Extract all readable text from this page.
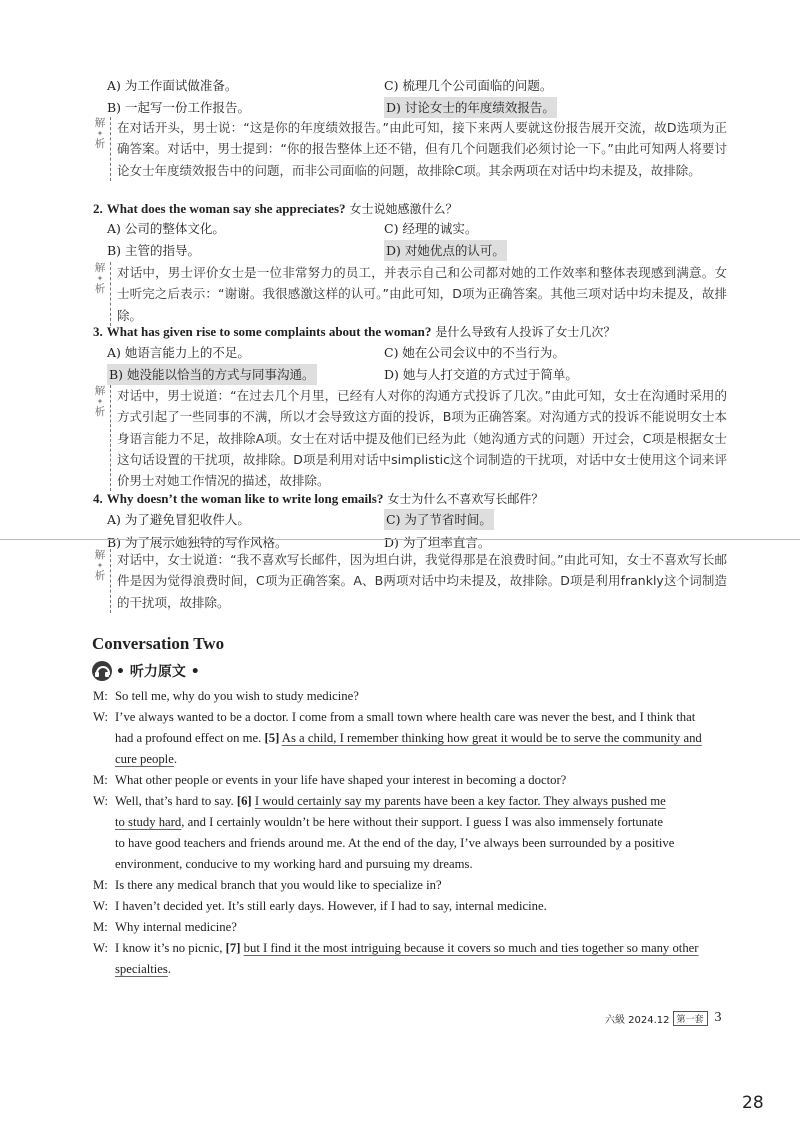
A) 为工作面试做准备。	C) 梳理几个公司面临的问题。
B) 一起写一份工作报告。	D) 讨论女士的年度绩效报告。
解
✦
析
在对话开头，男士说：“这是你的年度绩效报告。”由此可知，接下来两人要就这份报告展开交流，故D选项为正确答案。对话中，男士提到：“你的报告整体上还不错，但有几个问题我们必须讨论一下。”由此可知两人将要讨论女士年度绩效报告中的问题，而非公司面临的问题，故排除C项。其余两项在对话中均未提及，故排除。
2. What does the woman say she appreciates? 女士说她感激什么？
A) 公司的整体文化。	C) 经理的诚实。
B) 主管的指导。	D) 对她优点的认可。
解
✦
析
对话中，男士评价女士是一位非常努力的员工，并表示自己和公司都对她的工作效率和整体表现感到满意。女士听完之后表示：“谢谢。我很感激这样的认可。”由此可知，D项为正确答案。其他三项对话中均未提及，故排除。
3. What has given rise to some complaints about the woman? 是什么导致有人投诉了女士几次？
A) 她语言能力上的不足。	C) 她在公司会议中的不当行为。
B) 她没能以恰当的方式与同事沟通。	D) 她与人打交道的方式过于简单。
解
✦
析
对话中，男士说道：“在过去几个月里，已经有人对你的沟通方式投诉了几次。”由此可知，女士在沟通时采用的方式引起了一些同事的不满，所以才会导致这方面的投诉，B项为正确答案。对沟通方式的投诉不能说明女士本身语言能力不足，故排除A项。女士在对话中提及他们已经为此（她沟通方式的问题）开过会，C项是根据女士这句话设置的干扰项，故排除。D项是利用对话中simplistic这个词制造的干扰项，对话中女士使用这个词来评价男士对她工作情况的描述，故排除。
4. Why doesn’t the woman like to write long emails? 女士为什么不喜欢写长邮件？
A) 为了避免冒犯收件人。	C) 为了节省时间。
B) 为了展示她独特的写作风格。	D) 为了坦率直言。
解
✦
析
对话中，女士说道：“我不喜欢写长邮件，因为坦白讲，我觉得那是在浪费时间。”由此可知，女士不喜欢写长邮件是因为觉得浪费时间，C项为正确答案。A、B两项对话中均未提及，故排除。D项是利用frankly这个词制造的干扰项，故排除。
Conversation Two
• 听力原文 •
M: So tell me, why do you wish to study medicine?
W: I’ve always wanted to be a doctor. I come from a small town where health care was never the best, and I think that
had a profound effect on me. [5] As a child, I remember thinking how great it would be to serve the community and
cure people.
M: What other people or events in your life have shaped your interest in becoming a doctor?
W: Well, that’s hard to say. [6] I would certainly say my parents have been a key factor. They always pushed me
to study hard, and I certainly wouldn’t be here without their support. I guess I was also immensely fortunate
to have good teachers and friends around me. At the end of the day, I’ve always been surrounded by a positive
environment, conducive to my working hard and pursuing my dreams.
M: Is there any medical branch that you would like to specialize in?
W: I haven’t decided yet. It’s still early days. However, if I had to say, internal medicine.
M: Why internal medicine?
W: I know it’s no picnic, [7] but I find it the most intriguing because it covers so much and ties together so many other
specialties.
六級 2024.12 第一套 3
28
